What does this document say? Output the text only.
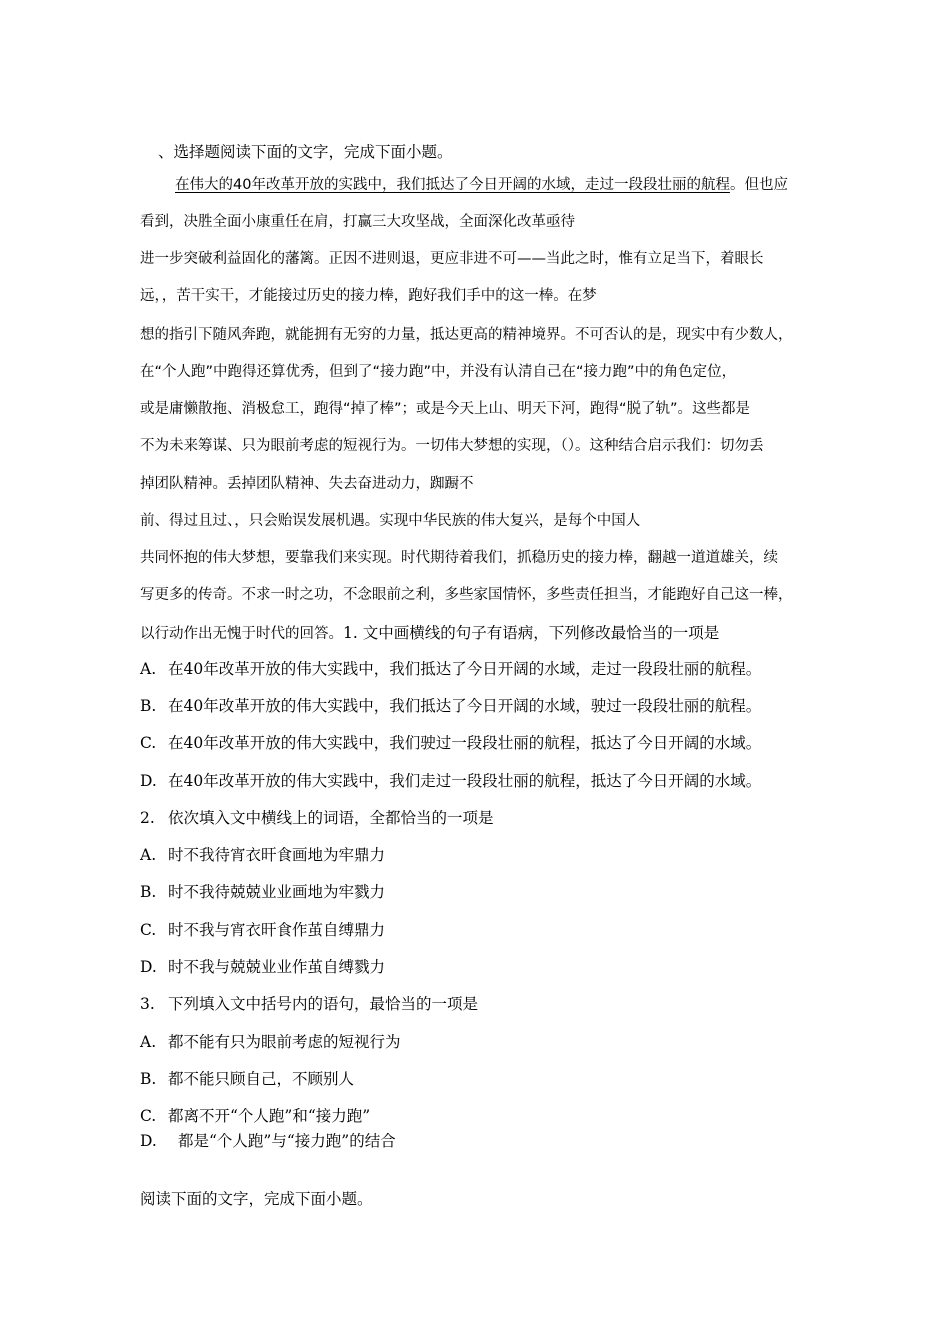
、选择题阅读下面的文字，完成下面小题。
在伟大的40年改革开放的实践中，我们抵达了今日开阔的水域，走过一段段壮丽的航程。但也应
看到，决胜全面小康重任在肩，打赢三大攻坚战，全面深化改革亟待
进一步突破利益固化的藩篱。正因不进则退，更应非进不可——当此之时，惟有立足当下，着眼长
远，，苦干实干，才能接过历史的接力棒，跑好我们手中的这一棒。在梦
想的指引下随风奔跑，就能拥有无穷的力量，抵达更高的精神境界。不可否认的是，现实中有少数人，
在“个人跑”中跑得还算优秀，但到了“接力跑”中，并没有认清自己在“接力跑”中的角色定位，
或是庸懒散拖、消极怠工，跑得“掉了棒”；或是今天上山、明天下河，跑得“脱了轨”。这些都是
不为未来筹谋、只为眼前考虑的短视行为。一切伟大梦想的实现，（）。这种结合启示我们：切勿丢
掉团队精神。丢掉团队精神、失去奋进动力，踟蹰不
前、得过且过、，只会贻误发展机遇。实现中华民族的伟大复兴，是每个中国人
共同怀抱的伟大梦想，要靠我们来实现。时代期待着我们，抓稳历史的接力棒，翻越一道道雄关，续
写更多的传奇。不求一时之功，不念眼前之利，多些家国情怀，多些责任担当，才能跑好自己这一棒，
以行动作出无愧于时代的回答。1. 文中画横线的句子有语病，下列修改最恰当的一项是
A. 在40年改革开放的伟大实践中，我们抵达了今日开阔的水域，走过一段段壮丽的航程。
B. 在40年改革开放的伟大实践中，我们抵达了今日开阔的水域，驶过一段段壮丽的航程。
C. 在40年改革开放的伟大实践中，我们驶过一段段壮丽的航程，抵达了今日开阔的水域。
D. 在40年改革开放的伟大实践中，我们走过一段段壮丽的航程，抵达了今日开阔的水域。
2. 依次填入文中横线上的词语，全都恰当的一项是
A. 时不我待宵衣旰食画地为牢鼎力
B. 时不我待兢兢业业画地为牢戮力
C. 时不我与宵衣旰食作茧自缚鼎力
D. 时不我与兢兢业业作茧自缚戮力
3. 下列填入文中括号内的语句，最恰当的一项是
A. 都不能有只为眼前考虑的短视行为
B. 都不能只顾自己，不顾别人
C. 都离不开“个人跑”和“接力跑”
D. 都是“个人跑”与“接力跑”的结合
阅读下面的文字，完成下面小题。
